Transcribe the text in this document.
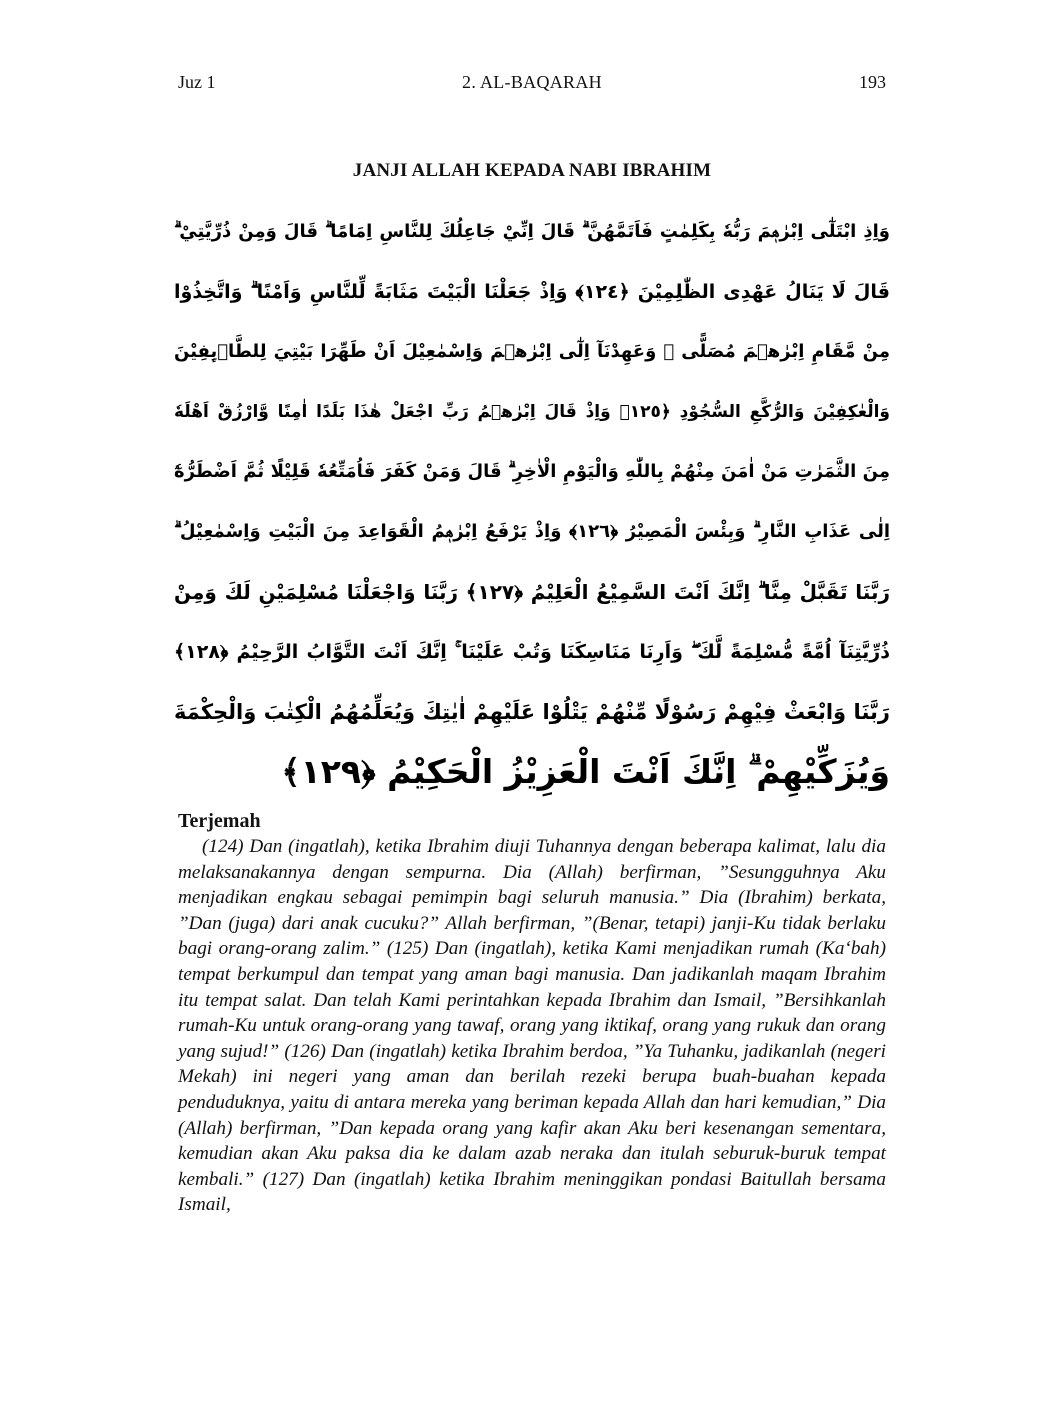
Juz 1	2. AL-BAQARAH	193
JANJI ALLAH KEPADA NABI IBRAHIM
وَاِذِ ابْتَلٰٓى اِبْرٰهٖمَ رَبُّهٗ بِكَلِمٰتٍ فَاَتَمَّهُنَّ ۗ قَالَ اِنِّيْ جَاعِلُكَ لِلنَّاسِ اِمَامًا ۗ قَالَ وَمِنْ ذُرِّيَّتِيْ ۗ
قَالَ لَا يَنَالُ عَهْدِى الظّٰلِمِيْنَ ﴿١٢٤﴾ وَاِذْ جَعَلْنَا الْبَيْتَ مَثَابَةً لِّلنَّاسِ وَاَمْنًا ۗ وَاتَّخِذُوْا
مِنْ مَّقَامِ اِبْرٰهٖمَ مُصَلًّى ۗ وَعَهِدْنَآ اِلٰٓى اِبْرٰهٖمَ وَاِسْمٰعِيْلَ اَنْ طَهِّرَا بَيْتِيَ لِلطَّاۤىِٕفِيْنَ
وَالْعٰكِفِيْنَ وَالرُّكَّعِ السُّجُوْدِ ﴿١٢٥﴾ وَاِذْ قَالَ اِبْرٰهٖمُ رَبِّ اجْعَلْ هٰذَا بَلَدًا اٰمِنًا وَّارْزُقْ اَهْلَهٗ
مِنَ الثَّمَرٰتِ مَنْ اٰمَنَ مِنْهُمْ بِاللّٰهِ وَالْيَوْمِ الْاٰخِرِ ۗ قَالَ وَمَنْ كَفَرَ فَاُمَتِّعُهٗ قَلِيْلًا ثُمَّ اَضْطَرُّهٗٓ
اِلٰى عَذَابِ النَّارِ ۗ وَبِئْسَ الْمَصِيْرُ ﴿١٢٦﴾ وَاِذْ يَرْفَعُ اِبْرٰهٖمُ الْقَوَاعِدَ مِنَ الْبَيْتِ وَاِسْمٰعِيْلُ ۗ
رَبَّنَا تَقَبَّلْ مِنَّا ۗ اِنَّكَ اَنْتَ السَّمِيْعُ الْعَلِيْمُ ﴿١٢٧﴾ رَبَّنَا وَاجْعَلْنَا مُسْلِمَيْنِ لَكَ وَمِنْ
ذُرِّيَّتِنَآ اُمَّةً مُّسْلِمَةً لَّكَ ۖ وَاَرِنَا مَنَاسِكَنَا وَتُبْ عَلَيْنَا ۚ اِنَّكَ اَنْتَ التَّوَّابُ الرَّحِيْمُ ﴿١٢٨﴾
رَبَّنَا وَابْعَثْ فِيْهِمْ رَسُوْلًا مِّنْهُمْ يَتْلُوْا عَلَيْهِمْ اٰيٰتِكَ وَيُعَلِّمُهُمُ الْكِتٰبَ وَالْحِكْمَةَ
وَيُزَكِّيْهِمْ ۗ اِنَّكَ اَنْتَ الْعَزِيْزُ الْحَكِيْمُ ﴿١٢٩﴾
Terjemah

(124) Dan (ingatlah), ketika Ibrahim diuji Tuhannya dengan beberapa kalimat, lalu dia melaksanakannya dengan sempurna. Dia (Allah) berfirman, ”Sesungguhnya Aku menjadikan engkau sebagai pemimpin bagi seluruh manusia.” Dia (Ibrahim) berkata, ”Dan (juga) dari anak cucuku?” Allah berfirman, ”(Benar, tetapi) janji-Ku tidak berlaku bagi orang-orang zalim.” (125) Dan (ingatlah), ketika Kami menjadikan rumah (Ka‘bah) tempat berkumpul dan tempat yang aman bagi manusia. Dan jadikanlah maqam Ibrahim itu tempat salat. Dan telah Kami perintahkan kepada Ibrahim dan Ismail, ”Bersihkanlah rumah-Ku untuk orang-orang yang tawaf, orang yang iktikaf, orang yang rukuk dan orang yang sujud!” (126) Dan (ingatlah) ketika Ibrahim berdoa, ”Ya Tuhanku, jadikanlah (negeri Mekah) ini negeri yang aman dan berilah rezeki berupa buah-buahan kepada penduduknya, yaitu di antara mereka yang beriman kepada Allah dan hari kemudian,” Dia (Allah) berfirman, ”Dan kepada orang yang kafir akan Aku beri kesenangan sementara, kemudian akan Aku paksa dia ke dalam azab neraka dan itulah seburuk-buruk tempat kembali.” (127) Dan (ingatlah) ketika Ibrahim meninggikan pondasi Baitullah bersama Ismail,
